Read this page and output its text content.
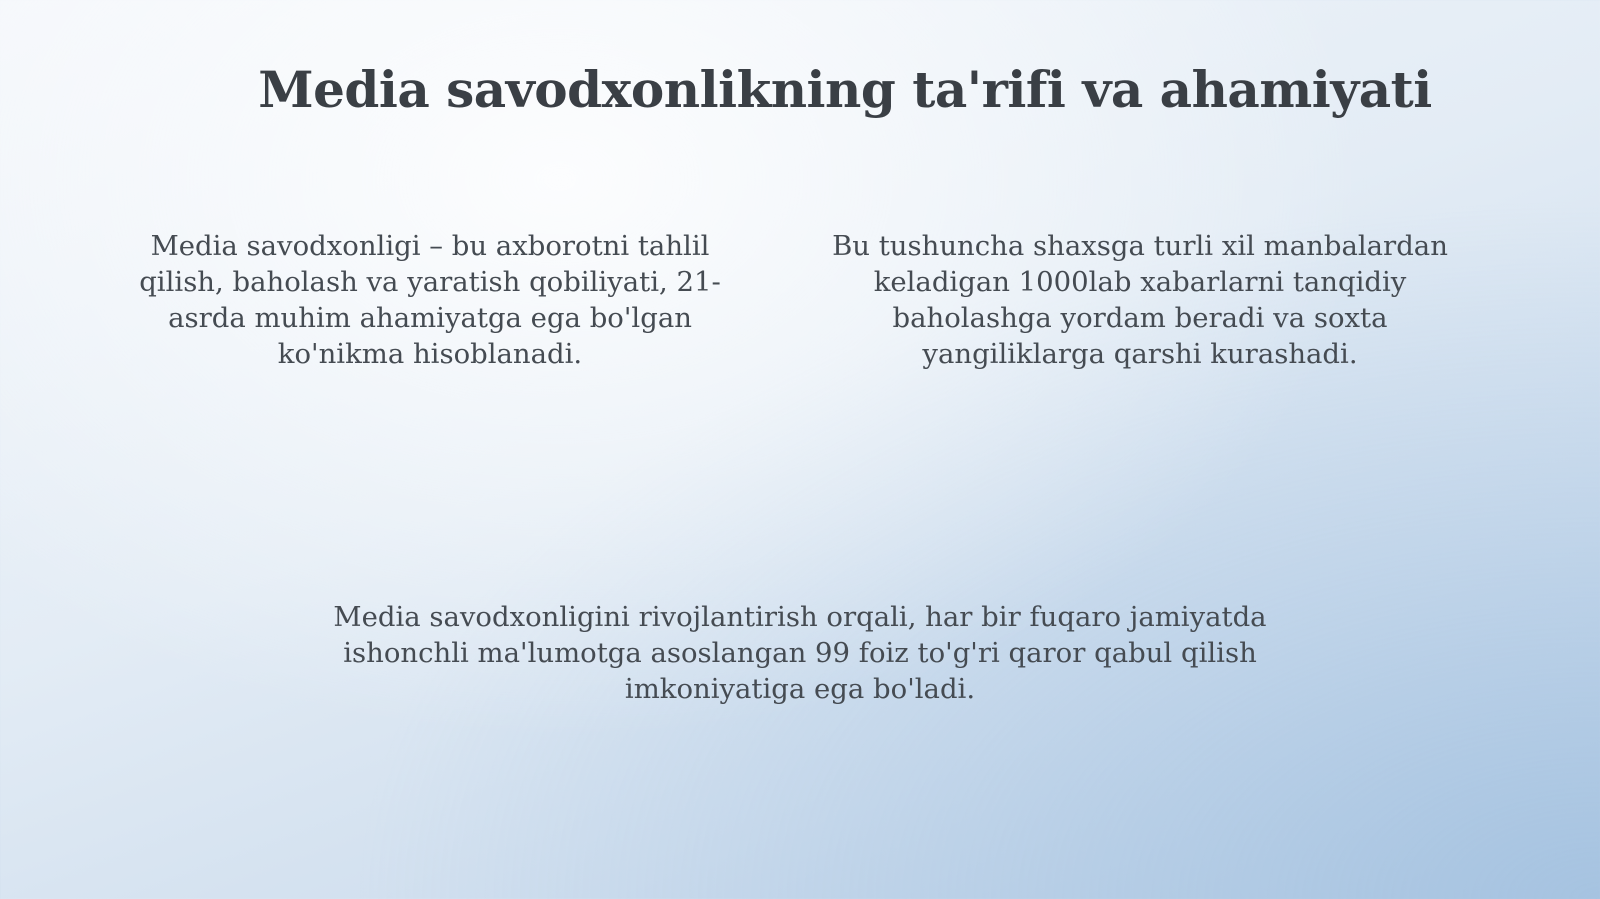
Media savodxonlikning ta'rifi va ahamiyati

Media savodxonligi – bu axborotni tahlil qilish, baholash va yaratish qobiliyati, 21-asrda muhim ahamiyatga ega bo'lgan ko'nikma hisoblanadi.

Bu tushuncha shaxsga turli xil manbalardan keladigan 1000lab xabarlarni tanqidiy baholashga yordam beradi va soxta yangiliklarga qarshi kurashadi.

Media savodxonligini rivojlantirish orqali, har bir fuqaro jamiyatda ishonchli ma'lumotga asoslangan 99 foiz to'g'ri qaror qabul qilish imkoniyatiga ega bo'ladi.
